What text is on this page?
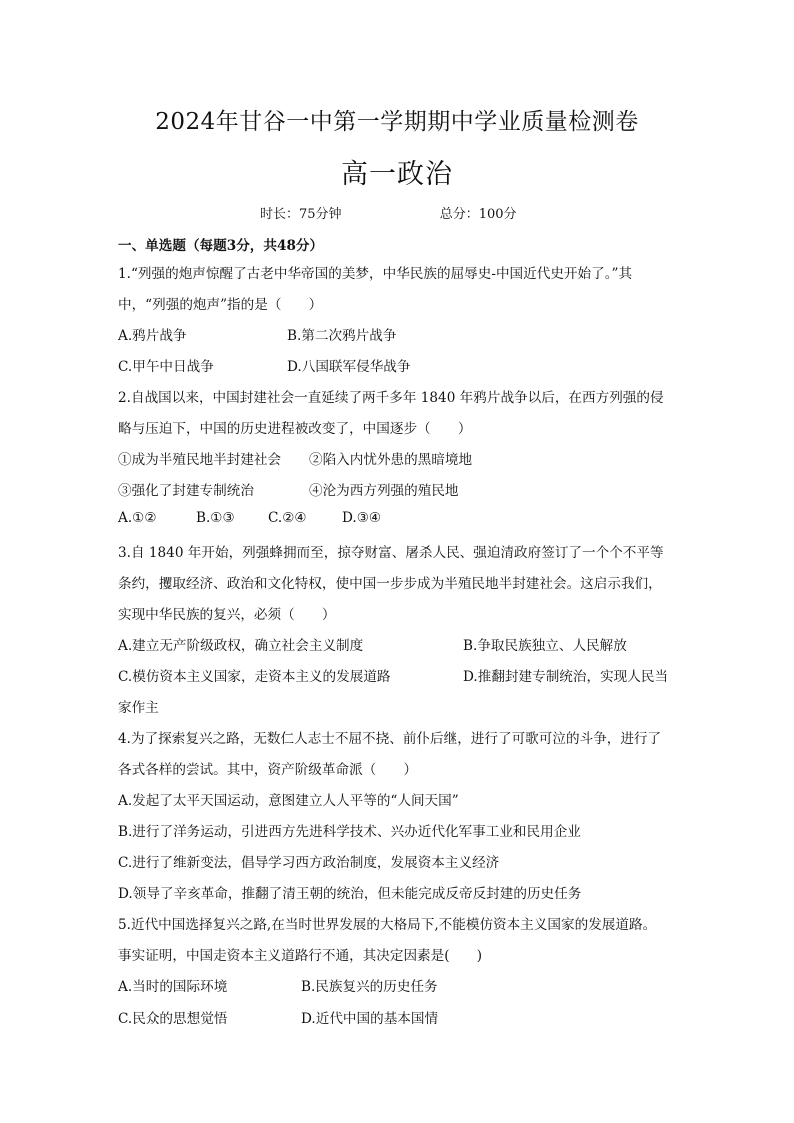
2024年甘谷一中第一学期期中学业质量检测卷
高一政治
时长：75分钟	总分：100分
一、单选题（每题3分，共48分）
1.“列强的炮声惊醒了古老中华帝国的美梦，中华民族的屈辱史-中国近代史开始了。”其
中，“列强的炮声”指的是（　　）
A.鸦片战争	B.第二次鸦片战争
C.甲午中日战争	D.八国联军侵华战争
2.自战国以来，中国封建社会一直延续了两千多年 1840 年鸦片战争以后，在西方列强的侵
略与压迫下，中国的历史进程被改变了，中国逐步（　　）
①成为半殖民地半封建社会 ②陷入内忧外患的黑暗境地
③强化了封建专制统治	④沦为西方列强的殖民地
A.①②	B.①③ C.②④	D.③④
3.自 1840 年开始，列强蜂拥而至，掠夺财富、屠杀人民、强迫清政府签订了一个个不平等
条约，攫取经济、政治和文化特权，使中国一步步成为半殖民地半封建社会。这启示我们，
实现中华民族的复兴，必须（　　）
A.建立无产阶级政权，确立社会主义制度	B.争取民族独立、人民解放
C.模仿资本主义国家，走资本主义的发展道路	D.推翻封建专制统治，实现人民当
家作主
4.为了探索复兴之路，无数仁人志士不屈不挠、前仆后继，进行了可歌可泣的斗争，进行了
各式各样的尝试。其中，资产阶级革命派（　　）
A.发起了太平天国运动，意图建立人人平等的“人间天国”
B.进行了洋务运动，引进西方先进科学技术、兴办近代化军事工业和民用企业
C.进行了维新变法，倡导学习西方政治制度，发展资本主义经济
D.领导了辛亥革命，推翻了清王朝的统治，但未能完成反帝反封建的历史任务
5.近代中国选择复兴之路,在当时世界发展的大格局下,不能模仿资本主义国家的发展道路。
事实证明，中国走资本主义道路行不通，其决定因素是(　　)
A.当时的国际环境	B.民族复兴的历史任务
C.民众的思想觉悟	D.近代中国的基本国情
